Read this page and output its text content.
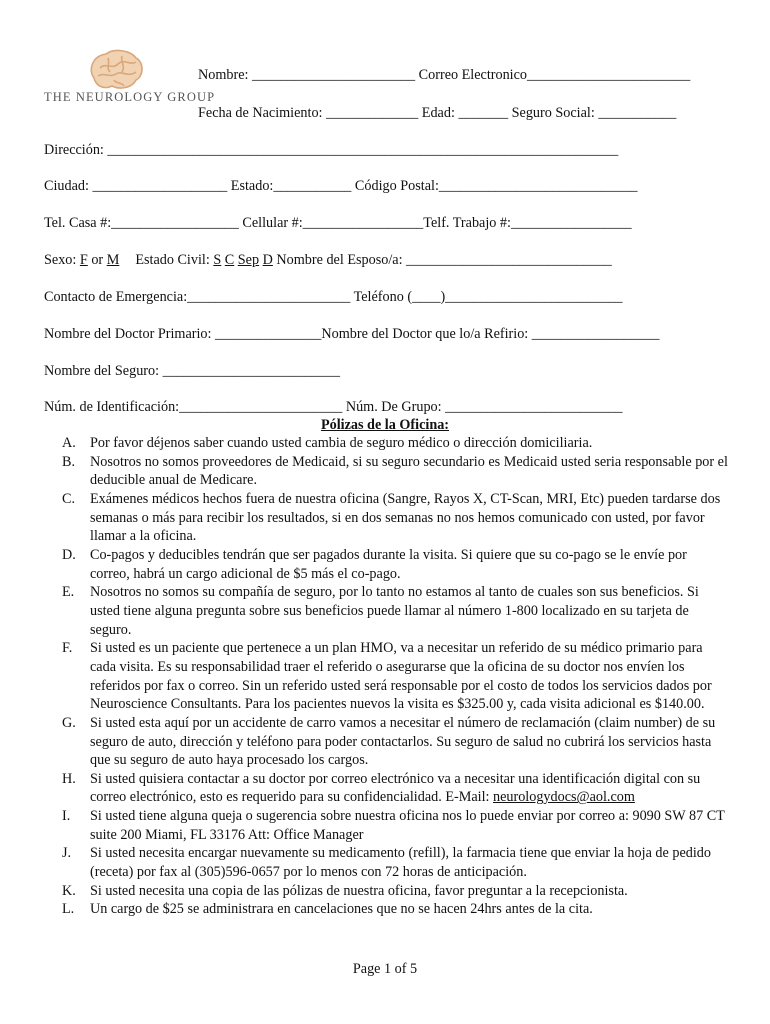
THE NEUROLOGY GROUP
Nombre: _______________________ Correo Electronico_______________________
Fecha de Nacimiento: _____________ Edad: _______ Seguro Social: ___________
Dirección: ________________________________________________________________________
Ciudad: ___________________ Estado:___________ Código Postal:____________________________
Tel. Casa #:__________________ Cellular #:_________________Telf. Trabajo #:_________________
Sexo: F or M Estado Civil: S C Sep D Nombre del Esposo/a: _____________________________
Contacto de Emergencia:_______________________ Teléfono (____)_________________________
Nombre del Doctor Primario: _______________Nombre del Doctor que lo/a Refirio: __________________
Nombre del Seguro: _________________________
Núm. de Identificación:_______________________ Núm. De Grupo: _________________________
Pólizas de la Oficina:
A.	Por favor déjenos saber cuando usted cambia de seguro médico o dirección domiciliaria.
B.	Nosotros no somos proveedores de Medicaid, si su seguro secundario es Medicaid usted seria responsable por el deducible anual de Medicare.
C.	Exámenes médicos hechos fuera de nuestra oficina (Sangre, Rayos X, CT-Scan, MRI, Etc) pueden tardarse dos semanas o más para recibir los resultados, si en dos semanas no nos hemos comunicado con usted, por favor llamar a la oficina.
D.	Co-pagos y deducibles tendrán que ser pagados durante la visita. Si quiere que su co-pago se le envíe por correo, habrá un cargo adicional de $5 más el co-pago.
E.	Nosotros no somos su compañía de seguro, por lo tanto no estamos al tanto de cuales son sus beneficios. Si usted tiene alguna pregunta sobre sus beneficios puede llamar al número 1-800 localizado en su tarjeta de seguro.
F.	Si usted es un paciente que pertenece a un plan HMO, va a necesitar un referido de su médico primario para cada visita. Es su responsabilidad traer el referido o asegurarse que la oficina de su doctor nos envíen los referidos por fax o correo. Sin un referido usted será responsable por el costo de todos los servicios dados por Neuroscience Consultants. Para los pacientes nuevos la visita es $325.00 y, cada visita adicional es $140.00.
G.	Si usted esta aquí por un accidente de carro vamos a necesitar el número de reclamación (claim number) de su seguro de auto, dirección y teléfono para poder contactarlos. Su seguro de salud no cubrirá los servicios hasta que su seguro de auto haya procesado los cargos.
H.	Si usted quisiera contactar a su doctor por correo electrónico va a necesitar una identificación digital con su correo electrónico, esto es requerido para su confidencialidad. E-Mail: neurologydocs@aol.com
I.	Si usted tiene alguna queja o sugerencia sobre nuestra oficina nos lo puede enviar por correo a: 9090 SW 87 CT suite 200 Miami, FL 33176 Att: Office Manager
J.	Si usted necesita encargar nuevamente su medicamento (refill), la farmacia tiene que enviar la hoja de pedido (receta) por fax al (305)596-0657 por lo menos con 72 horas de anticipación.
K.	Si usted necesita una copia de las pólizas de nuestra oficina, favor preguntar a la recepcionista.
L.	Un cargo de $25 se administrara en cancelaciones que no se hacen 24hrs antes de la cita.
Page 1 of 5
